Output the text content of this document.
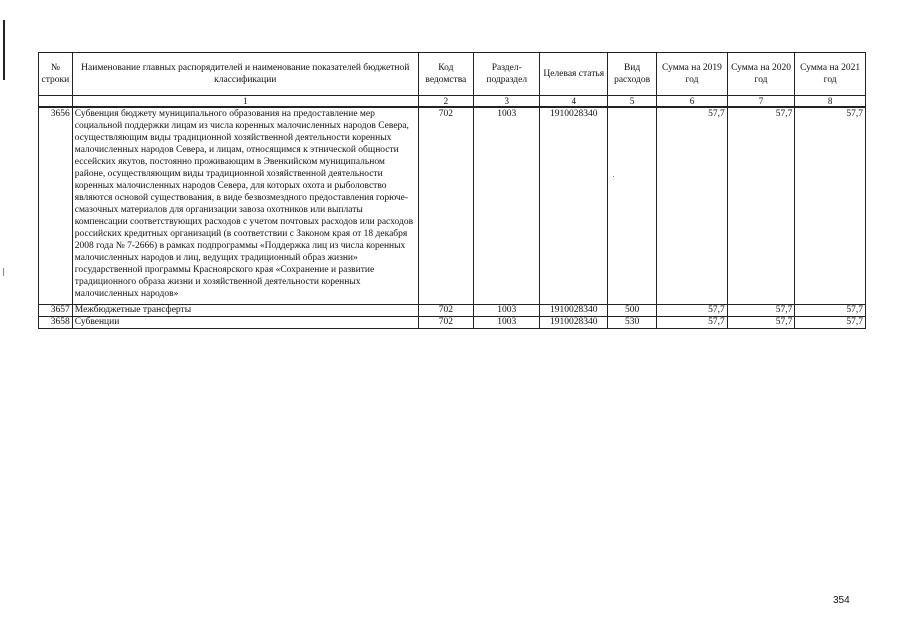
№ строки	Наименование главных распорядителей и наименование показателей бюджетной классификации	Код ведомства	Раздел-подраздел	Целевая статья	Вид расходов	Сумма на 2019 год	Сумма на 2020 год	Сумма на 2021 год
	1	2	3	4	5	6	7	8
3656	Субвенция бюджету муниципального образования на предоставление мер социальной поддержки лицам из числа коренных малочисленных народов Севера, осуществляющим виды традиционной хозяйственной деятельности коренных малочисленных народов Севера, и лицам, относящимся к этнической общности ессейских якутов, постоянно проживающим в Эвенкийском муниципальном районе, осуществляющим виды традиционной хозяйственной деятельности коренных малочисленных народов Севера, для которых охота и рыболовство являются основой существования, в виде безвозмездного предоставления горюче-смазочных материалов для организации завоза охотников или выплаты компенсации соответствующих расходов с учетом почтовых расходов или расходов российских кредитных организаций (в соответствии с Законом края от 18 декабря 2008 года № 7-2666) в рамках подпрограммы «Поддержка лиц из числа коренных малочисленных народов и лиц, ведущих традиционный образ жизни» государственной программы Красноярского края «Сохранение и развитие традиционного образа жизни и хозяйственной деятельности коренных малочисленных народов»	702	1003	1910028340		57,7	57,7	57,7
3657	Межбюджетные трансферты	702	1003	1910028340	500	57,7	57,7	57,7
3658	Субвенции	702	1003	1910028340	530	57,7	57,7	57,7
354
